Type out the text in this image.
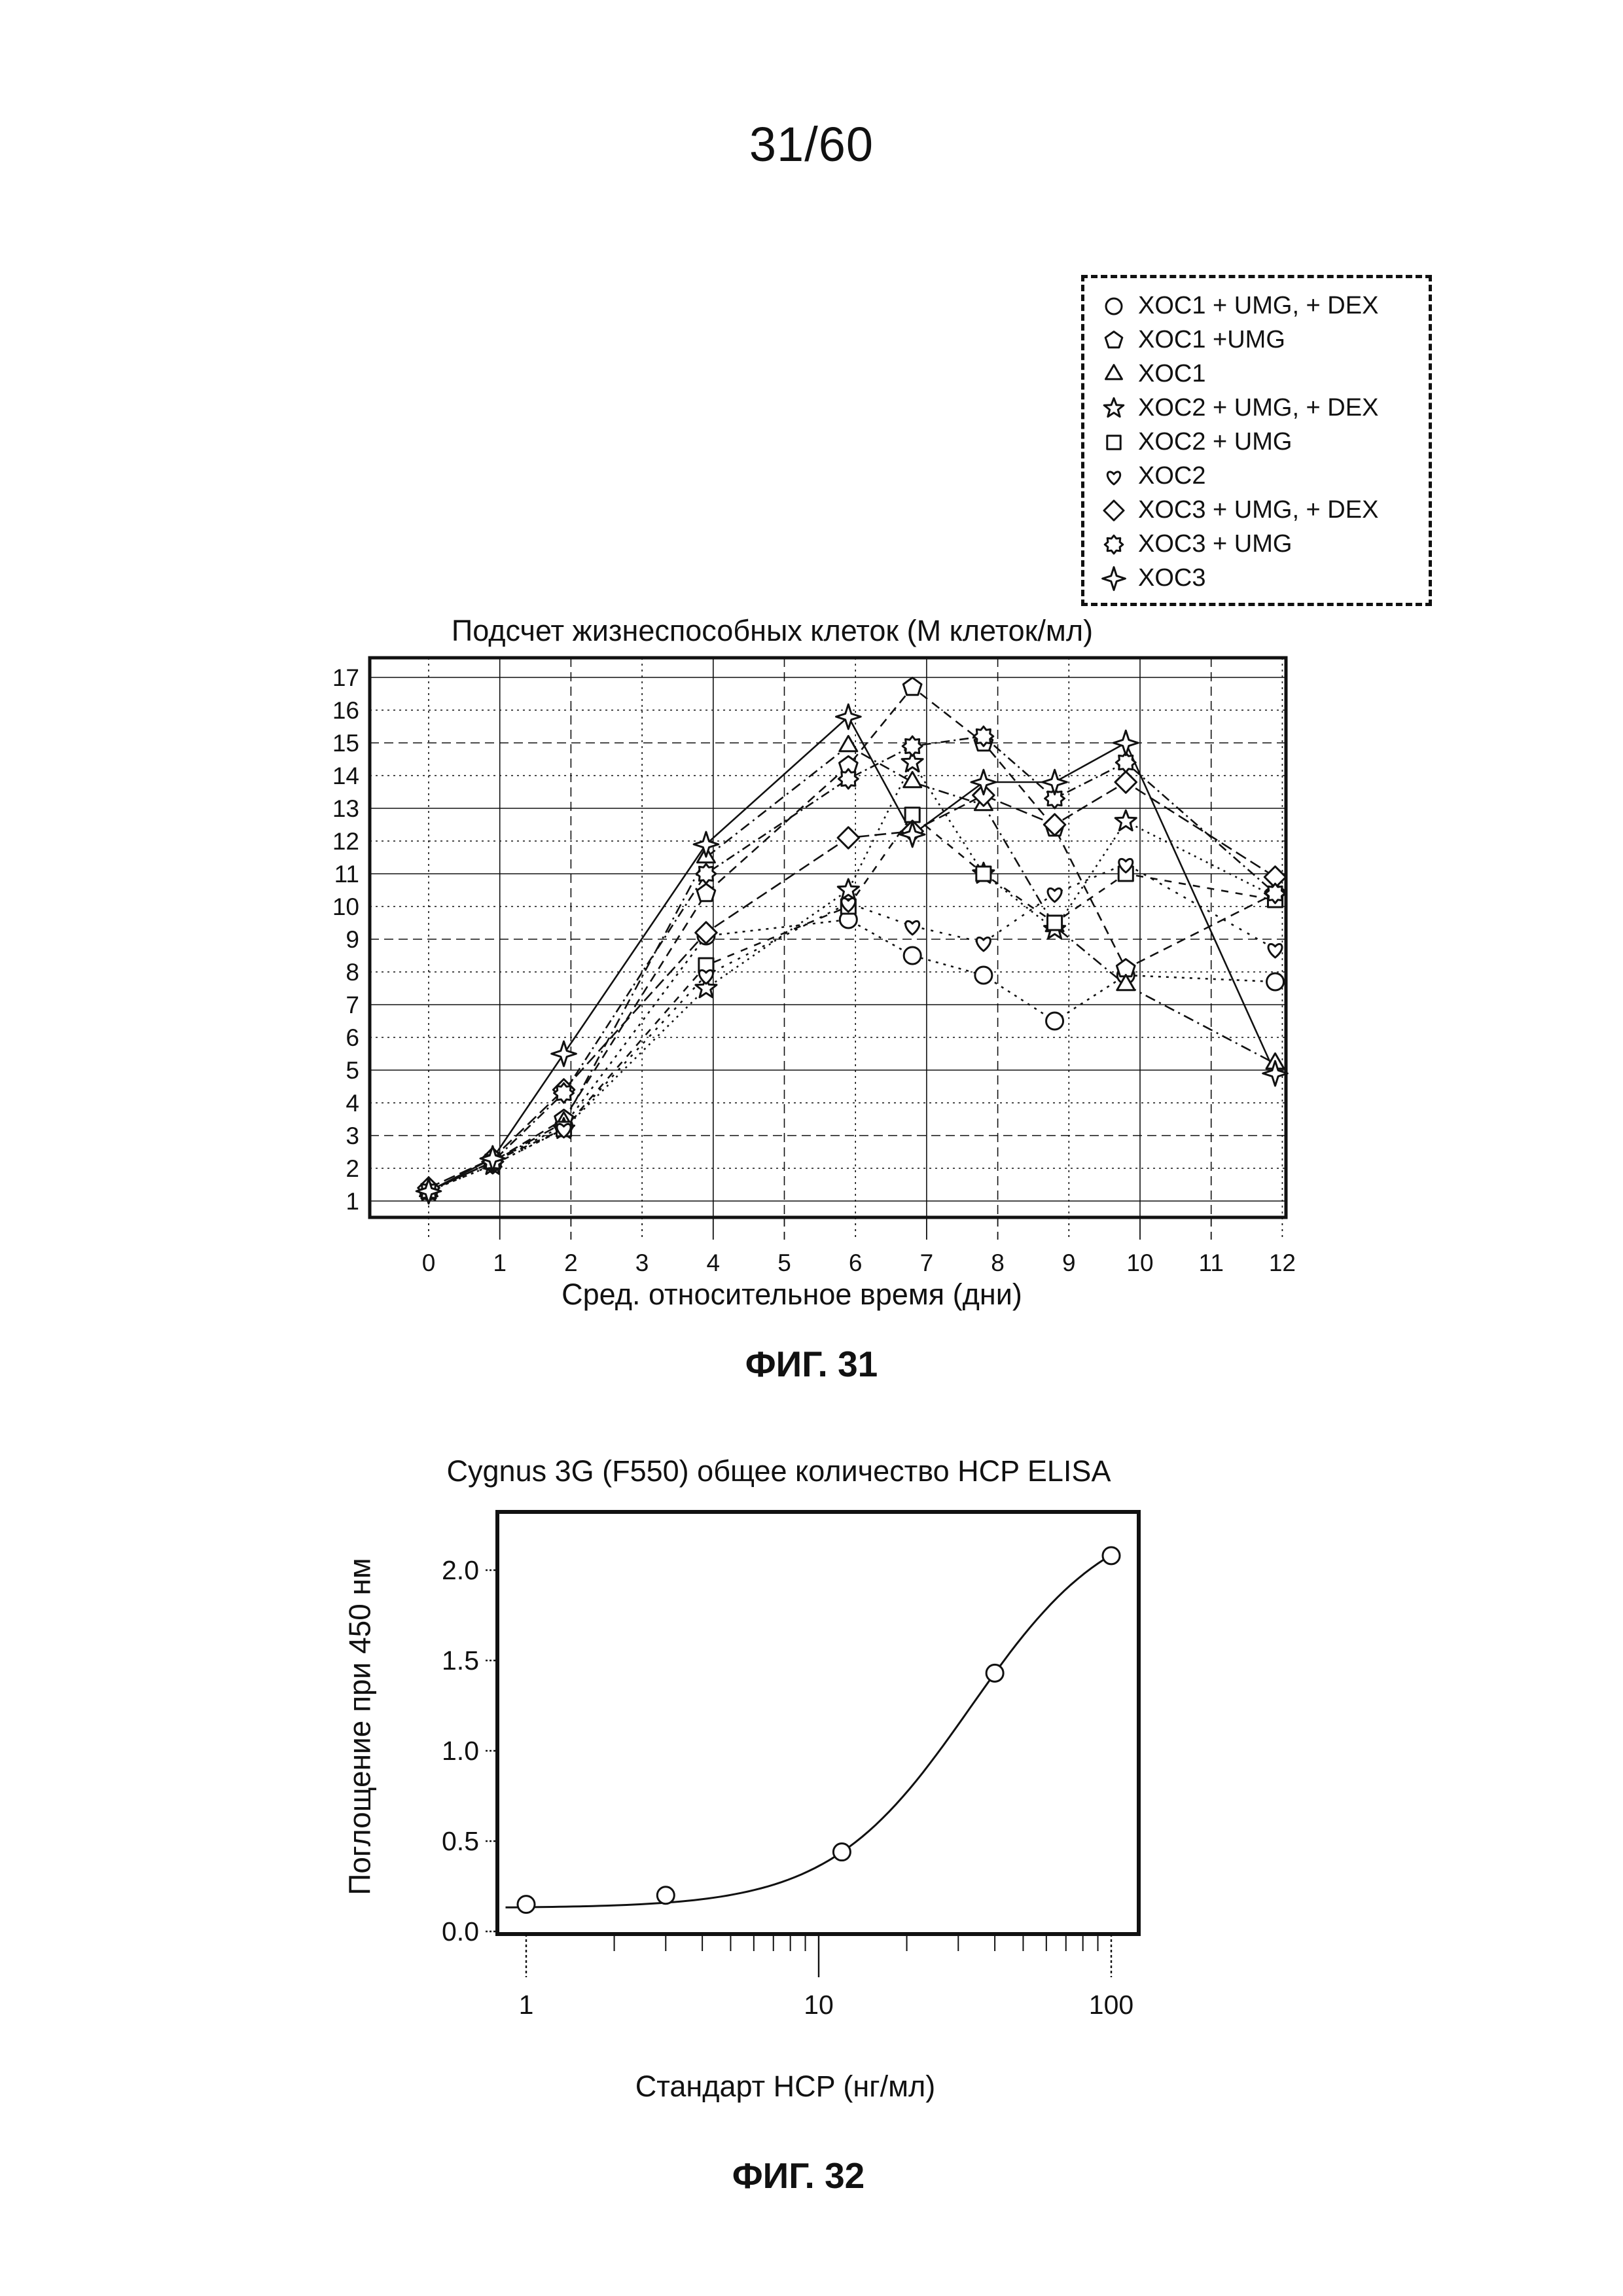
31/60
Подсчет жизнеспособных клеток (М клеток/мл)
XOC1 + UMG, + DEX
XOC1 +UMG
XOC1
XOC2 + UMG, + DEX
XOC2 + UMG
XOC2
XOC3 + UMG, + DEX
XOC3 + UMG
XOC3
1
2
3
4
5
6
7
8
9
10
11
12
13
14
15
16
17
0 1 2 3 4 5 6 7 8 9 10 11 12
Сред. относительное время (дни)
ФИГ. 31
Cygnus 3G (F550) общее количество HCP ELISA
Поглощение при 450 нм
0.0
0.5
1.0
1.5
2.0
1	10	100
Стандарт HCP (нг/мл)
ФИГ. 32
